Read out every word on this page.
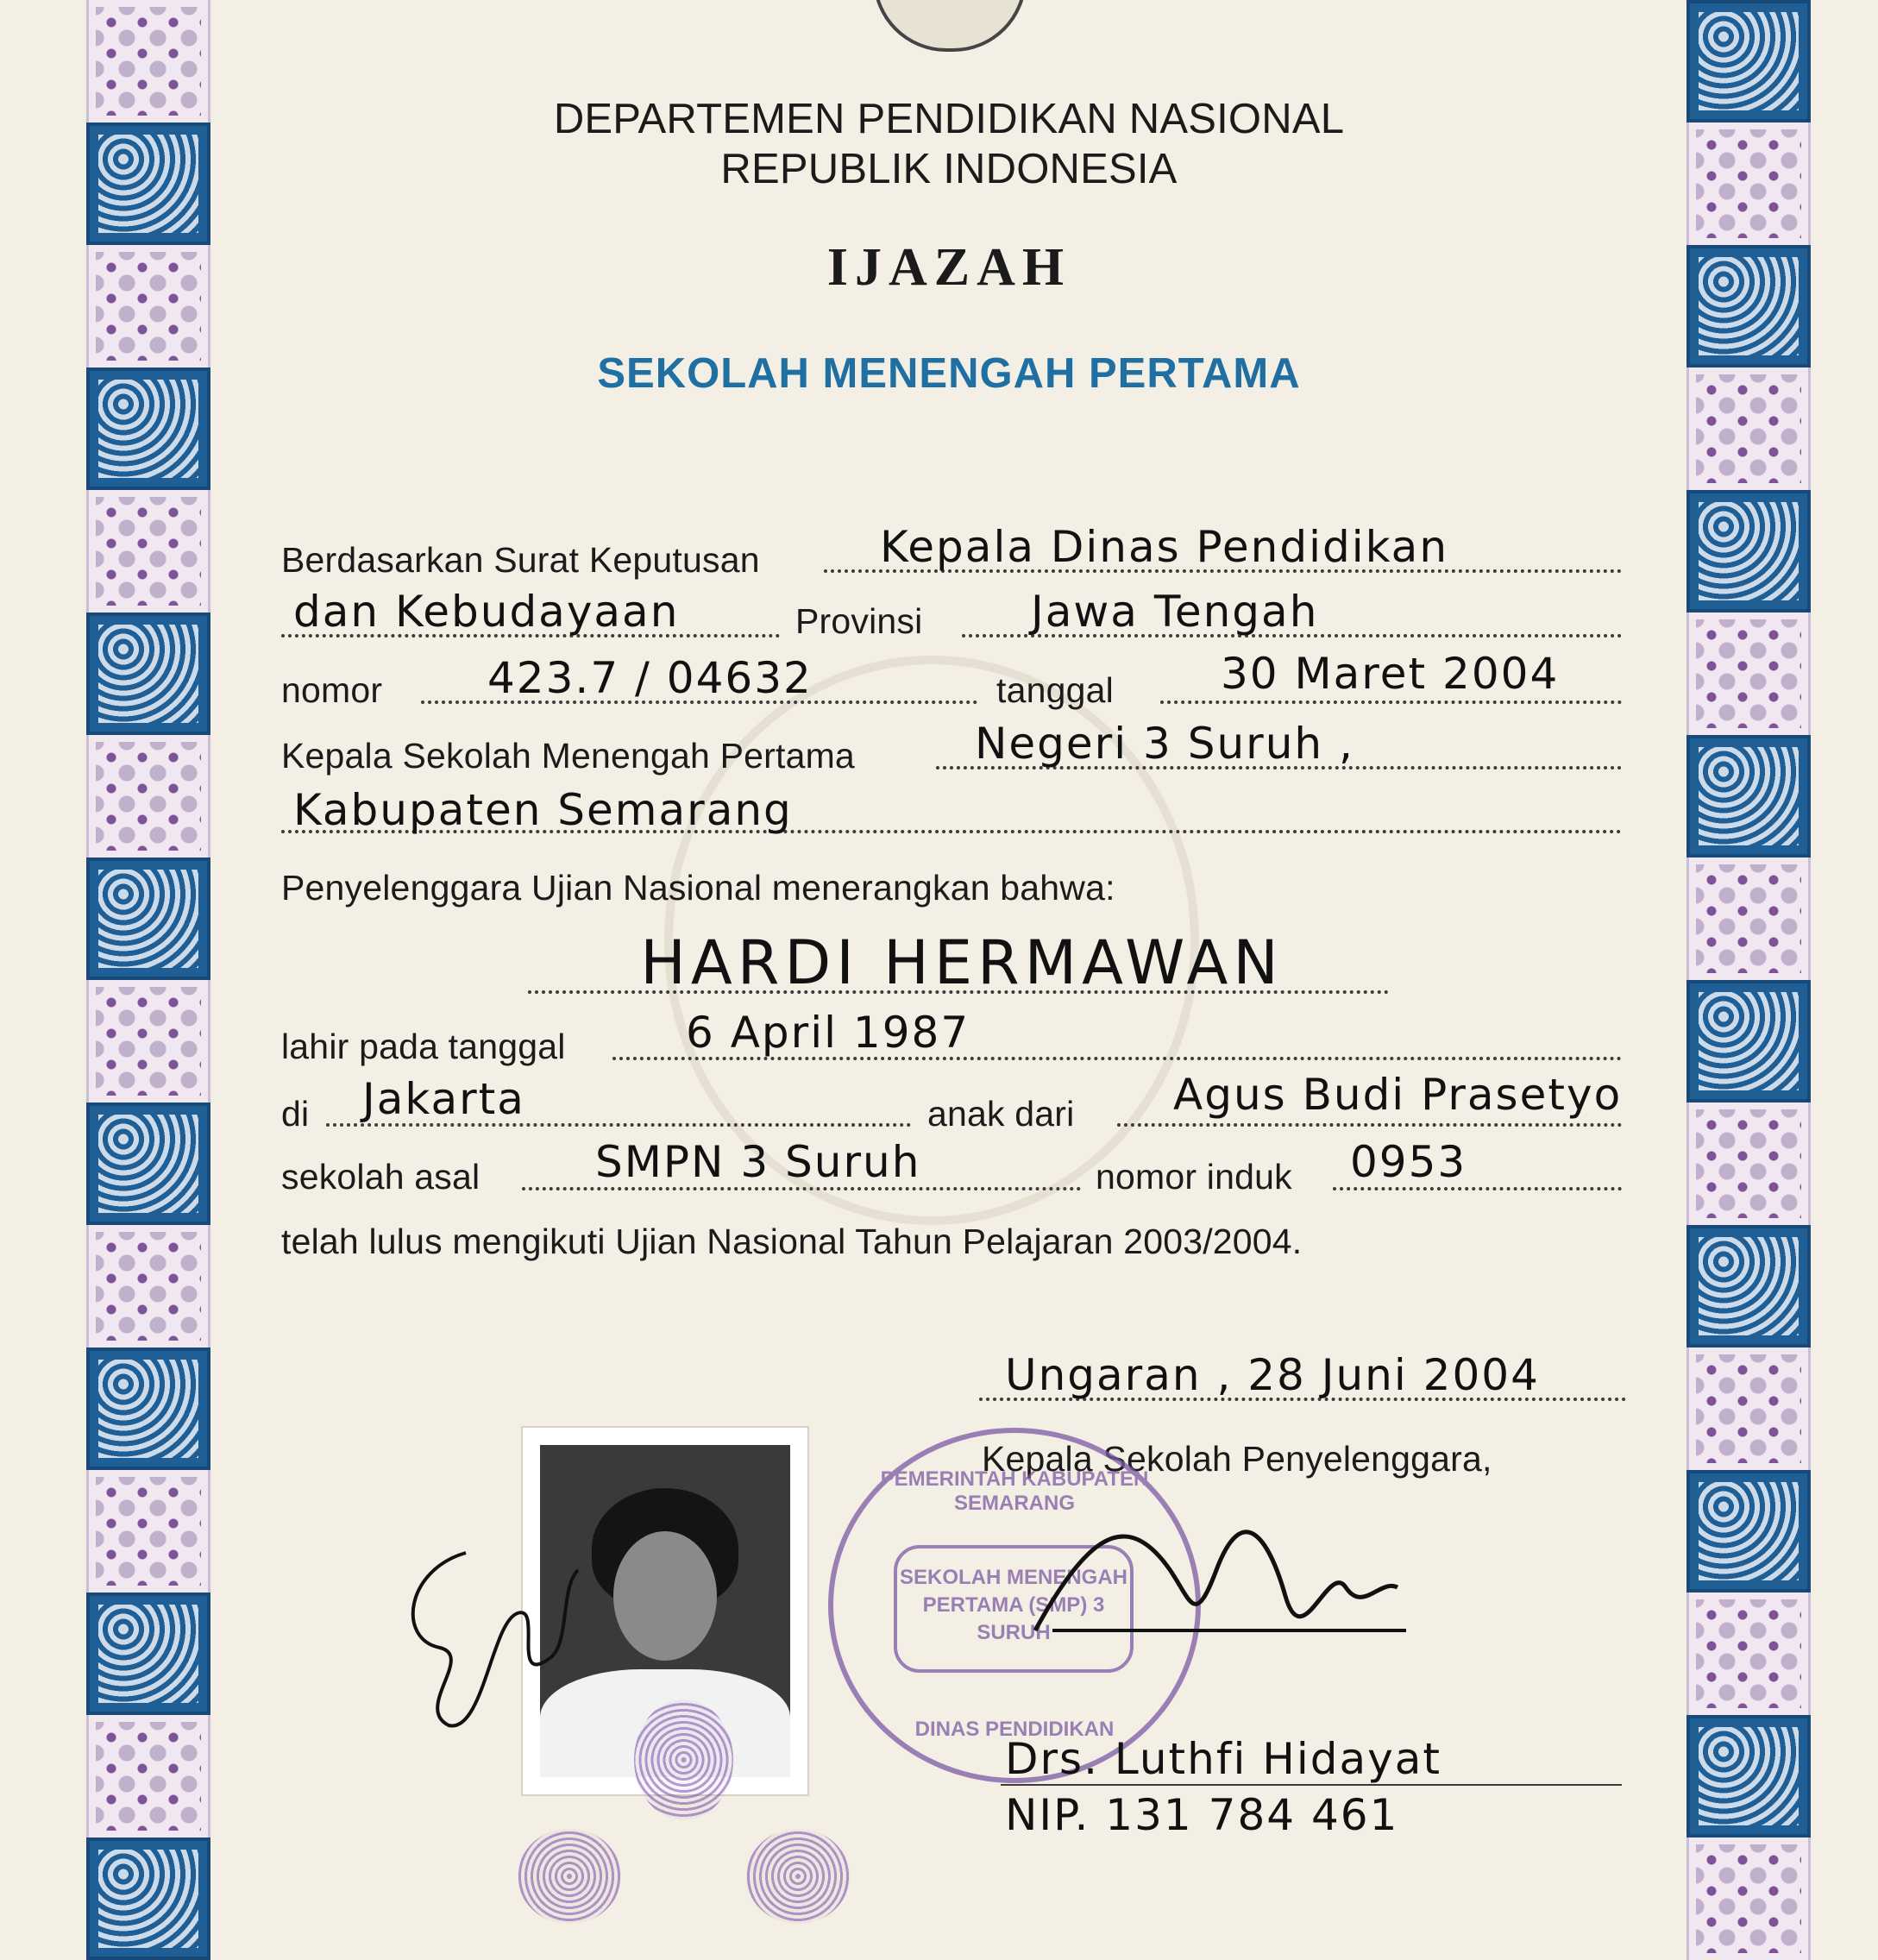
DEPARTEMEN PENDIDIKAN NASIONAL
REPUBLIK INDONESIA
IJAZAH
SEKOLAH MENENGAH PERTAMA
Berdasarkan Surat Keputusan	Kepala Dinas Pendidikan
dan Kebudayaan	Provinsi	Jawa Tengah
nomor 423.7 / 04632	tanggal 30 Maret 2004
Kepala Sekolah Menengah Pertama	Negeri 3 Suruh ,
Kabupaten Semarang
Penyelenggara Ujian Nasional menerangkan bahwa:
HARDI HERMAWAN
lahir pada tanggal	6 April 1987
di Jakarta	anak dari Agus Budi Prasetyo
sekolah asal	SMPN 3 Suruh	nomor induk 0953
telah lulus mengikuti Ujian Nasional Tahun Pelajaran 2003/2004.
Ungaran , 28 Juni 2004
Kepala Sekolah Penyelenggara,
PEMERINTAH KABUPATEN SEMARANG
SEKOLAH MENENGAH
PERTAMA (SMP) 3
SURUH
DINAS PENDIDIKAN
Drs. Luthfi Hidayat
NIP. 131 784 461
